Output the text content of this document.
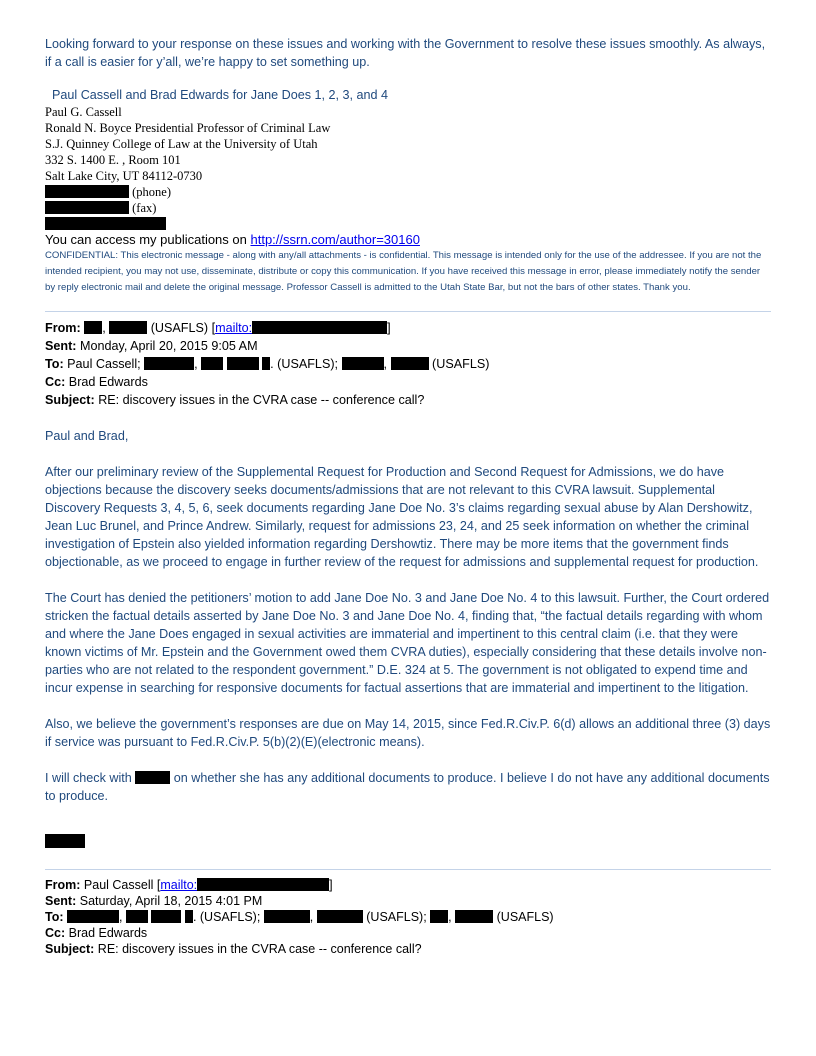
Looking forward to your response on these issues and working with the Government to resolve these issues smoothly. As always, if a call is easier for y’all, we’re happy to set something up.

Paul Cassell and Brad Edwards for Jane Does 1, 2, 3, and 4

Paul G. Cassell

Ronald N. Boyce Presidential Professor of Criminal Law

S.J. Quinney College of Law at the University of Utah

332 S. 1400 E. , Room 101

Salt Lake City, UT 84112-0730

(phone)

(fax)

You can access my publications on http://ssrn.com/author=30160

CONFIDENTIAL: This electronic message - along with any/all attachments - is confidential. This message is intended only for the use of the addressee. If you are not the intended recipient, you may not use, disseminate, distribute or copy this communication. If you have received this message in error, please immediately notify the sender by reply electronic mail and delete the original message. Professor Cassell is admitted to the Utah State Bar, but not the bars of other states. Thank you.

From: ,	(USAFLS) [mailto:	]

Sent: Monday, April 20, 2015 9:05 AM

To: Paul Cassell;	,	. (USAFLS);	,	(USAFLS)

Cc: Brad Edwards

Subject: RE: discovery issues in the CVRA case -- conference call?

Paul and Brad,

After our preliminary review of the Supplemental Request for Production and Second Request for Admissions, we do have objections because the discovery seeks documents/admissions that are not relevant to this CVRA lawsuit. Supplemental Discovery Requests 3, 4, 5, 6, seek documents regarding Jane Doe No. 3’s claims regarding sexual abuse by Alan Dershowitz, Jean Luc Brunel, and Prince Andrew. Similarly, request for admissions 23, 24, and 25 seek information on whether the criminal investigation of Epstein also yielded information regarding Dershowtiz. There may be more items that the government finds objectionable, as we proceed to engage in further review of the request for admissions and supplemental request for production.

The Court has denied the petitioners’ motion to add Jane Doe No. 3 and Jane Doe No. 4 to this lawsuit. Further, the Court ordered stricken the factual details asserted by Jane Doe No. 3 and Jane Doe No. 4, finding that, “the factual details regarding with whom and where the Jane Does engaged in sexual activities are immaterial and impertinent to this central claim (i.e. that they were known victims of Mr. Epstein and the Government owed them CVRA duties), especially considering that these details involve non-parties who are not related to the respondent government.” D.E. 324 at 5. The government is not obligated to expend time and incur expense in searching for responsive documents for factual assertions that are immaterial and impertinent to the litigation.

Also, we believe the government’s responses are due on May 14, 2015, since Fed.R.Civ.P. 6(d) allows an additional three (3) days if service was pursuant to Fed.R.Civ.P. 5(b)(2)(E)(electronic means).

I will check with	on whether she has any additional documents to produce. I believe I do not have any additional documents to produce.

From: Paul Cassell [mailto:	]

Sent: Saturday, April 18, 2015 4:01 PM

To:	,	. (USAFLS);	,	(USAFLS); ,	(USAFLS)

Cc: Brad Edwards

Subject: RE: discovery issues in the CVRA case -- conference call?
